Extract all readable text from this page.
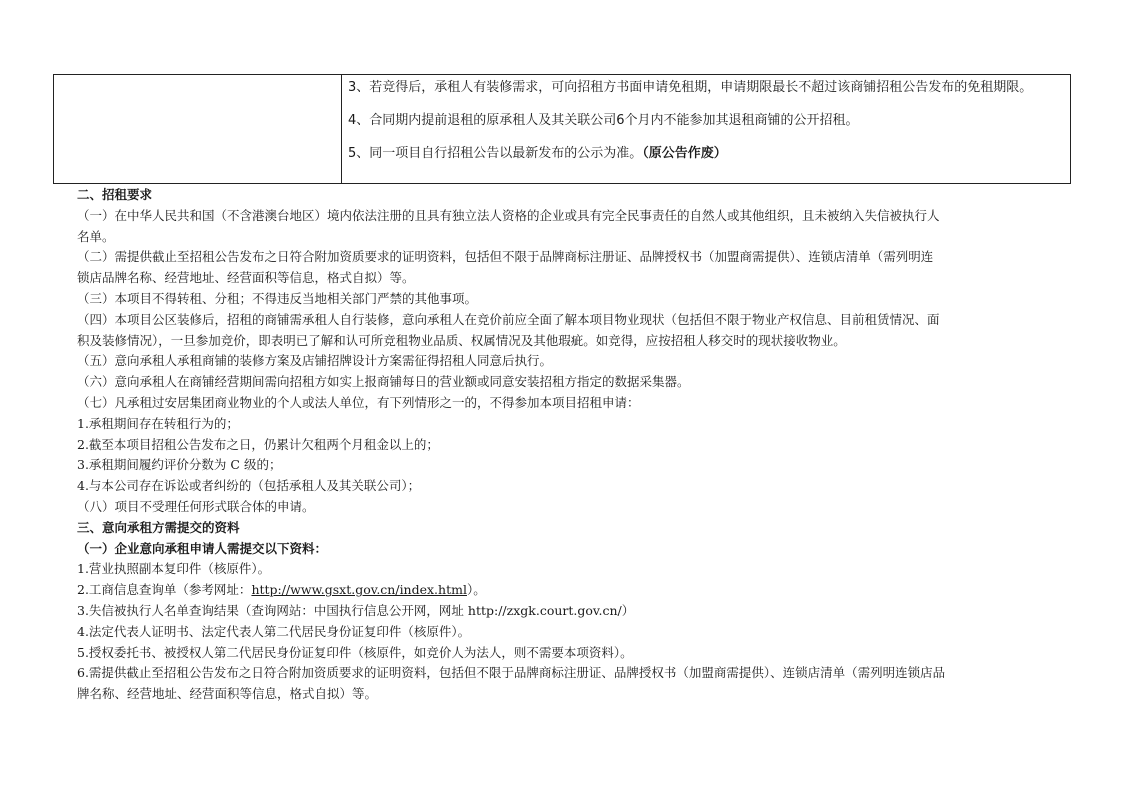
3、若竞得后，承租人有装修需求，可向招租方书面申请免租期，申请期限最长不超过该商铺招租公告发布的免租期限。

4、合同期内提前退租的原承租人及其关联公司6个月内不能参加其退租商铺的公开招租。

5、同一项目自行招租公告以最新发布的公示为准。（原公告作废）

二、招租要求

（一）在中华人民共和国（不含港澳台地区）境内依法注册的且具有独立法人资格的企业或具有完全民事责任的自然人或其他组织，且未被纳入失信被执行人

名单。

（二）需提供截止至招租公告发布之日符合附加资质要求的证明资料，包括但不限于品牌商标注册证、品牌授权书（加盟商需提供）、连锁店清单（需列明连

锁店品牌名称、经营地址、经营面积等信息，格式自拟）等。

（三）本项目不得转租、分租；不得违反当地相关部门严禁的其他事项。

（四）本项目公区装修后，招租的商铺需承租人自行装修，意向承租人在竞价前应全面了解本项目物业现状（包括但不限于物业产权信息、目前租赁情况、面

积及装修情况），一旦参加竞价，即表明已了解和认可所竞租物业品质、权属情况及其他瑕疵。如竞得，应按招租人移交时的现状接收物业。

（五）意向承租人承租商铺的装修方案及店铺招牌设计方案需征得招租人同意后执行。

（六）意向承租人在商铺经营期间需向招租方如实上报商铺每日的营业额或同意安装招租方指定的数据采集器。

（七）凡承租过安居集团商业物业的个人或法人单位，有下列情形之一的，不得参加本项目招租申请：

1.承租期间存在转租行为的；

2.截至本项目招租公告发布之日，仍累计欠租两个月租金以上的；

3.承租期间履约评价分数为 C 级的；

4.与本公司存在诉讼或者纠纷的（包括承租人及其关联公司）；

（八）项目不受理任何形式联合体的申请。

三、意向承租方需提交的资料

（一）企业意向承租申请人需提交以下资料：

1.营业执照副本复印件（核原件）。

2.工商信息查询单（参考网址：http://www.gsxt.gov.cn/index.html）。

3.失信被执行人名单查询结果（查询网站：中国执行信息公开网，网址 http://zxgk.court.gov.cn/）

4.法定代表人证明书、法定代表人第二代居民身份证复印件（核原件）。

5.授权委托书、被授权人第二代居民身份证复印件（核原件，如竞价人为法人，则不需要本项资料）。

6.需提供截止至招租公告发布之日符合附加资质要求的证明资料，包括但不限于品牌商标注册证、品牌授权书（加盟商需提供）、连锁店清单（需列明连锁店品

牌名称、经营地址、经营面积等信息，格式自拟）等。
